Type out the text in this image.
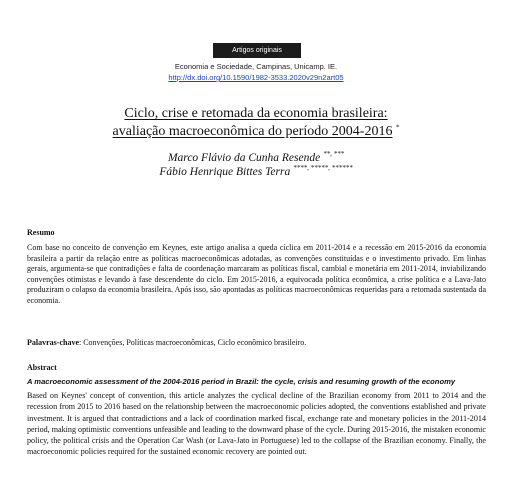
Artigos originais
Economia e Sociedade, Campinas, Unicamp. IE.
http://dx.doi.org/10.1590/1982-3533.2020v29n2art05
Ciclo, crise e retomada da economia brasileira:
avaliação macroeconômica do período 2004-2016 *
Marco Flávio da Cunha Resende **, ***
Fábio Henrique Bittes Terra ****, *****, ******
Resumo

Com base no conceito de convenção em Keynes, este artigo analisa a queda cíclica em 2011-2014 e a recessão em 2015-2016 da economia brasileira a partir da relação entre as políticas macroeconômicas adotadas, as convenções constituídas e o investimento privado. Em linhas gerais, argumenta-se que contradições e falta de coordenação marcaram as políticas fiscal, cambial e monetária em 2011-2014, inviabilizando convenções otimistas e levando à fase descendente do ciclo. Em 2015-2016, a equivocada política econômica, a crise política e a Lava-Jato produziram o colapso da economia brasileira. Após isso, são apontadas as políticas macroeconômicas requeridas para a retomada sustentada da economia.

Palavras-chave: Convenções, Políticas macroeconômicas, Ciclo econômico brasileiro.

Abstract
A macroeconomic assessment of the 2004-2016 period in Brazil: the cycle, crisis and resuming growth of the economy

Based on Keynes' concept of convention, this article analyzes the cyclical decline of the Brazilian economy from 2011 to 2014 and the recession from 2015 to 2016 based on the relationship between the macroeconomic policies adopted, the conventions established and private investment. It is argued that contradictions and a lack of coordination marked fiscal, exchange rate and monetary policies in the 2011-2014 period, making optimistic conventions unfeasible and leading to the downward phase of the cycle. During 2015-2016, the mistaken economic policy, the political crisis and the Operation Car Wash (or Lava-Jato in Portuguese) led to the collapse of the Brazilian economy. Finally, the macroeconomic policies required for the sustained economic recovery are pointed out.
